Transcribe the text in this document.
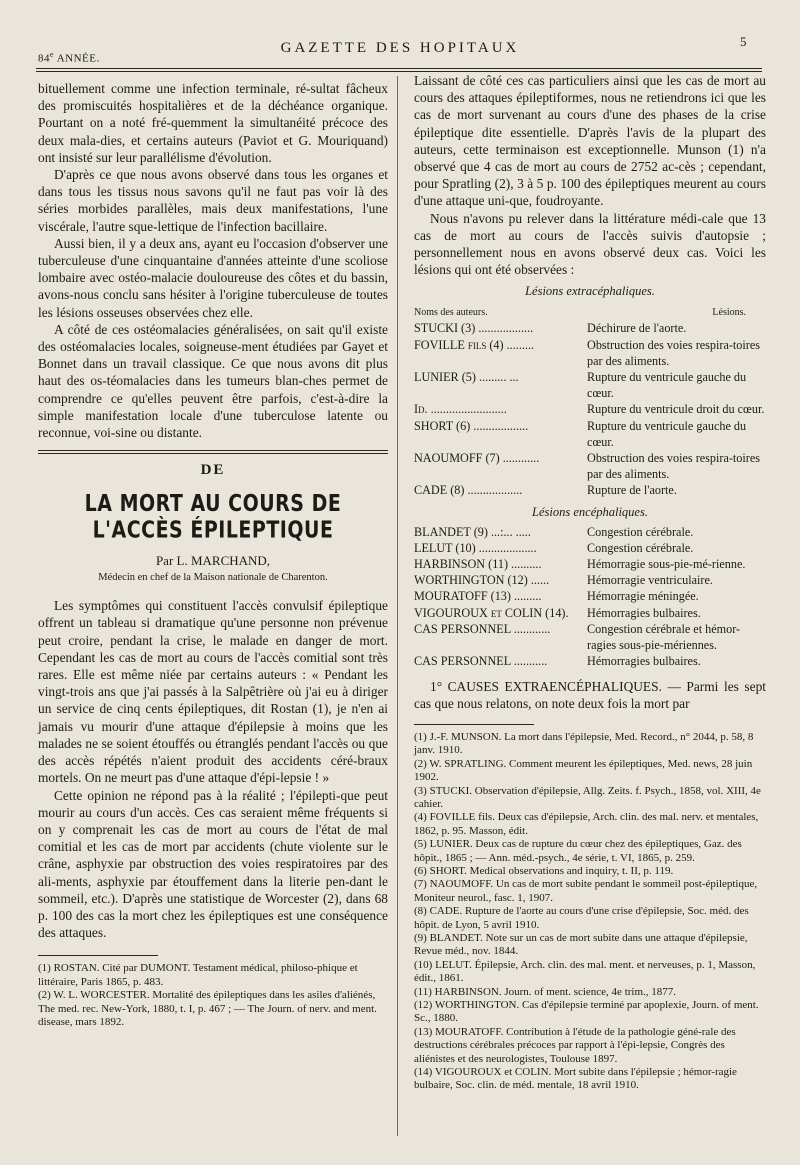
84e ANNÉE.
GAZETTE DES HOPITAUX	5

bituellement comme une infection terminale, ré-sultat fâcheux des promiscuités hospitalières et de la déchéance organique. Pourtant on a noté fré-quemment la simultanéité précoce des deux mala-dies, et certains auteurs (Paviot et G. Mouriquand) ont insisté sur leur parallélisme d'évolution.

D'après ce que nous avons observé dans tous les organes et dans tous les tissus nous savons qu'il ne faut pas voir là des séries morbides parallèles, mais deux manifestations, l'une viscérale, l'autre sque-lettique de l'infection bacillaire.

Aussi bien, il y a deux ans, ayant eu l'occasion d'observer une tuberculeuse d'une cinquantaine d'années atteinte d'une scoliose lombaire avec ostéo-malacie douloureuse des côtes et du bassin, avons-nous conclu sans hésiter à l'origine tuberculeuse de toutes les lésions osseuses observées chez elle.

A côté de ces ostéomalacies généralisées, on sait qu'il existe des ostéomalacies locales, soigneuse-ment étudiées par Gayet et Bonnet dans un travail classique. Ce que nous avons dit plus haut des os-téomalacies dans les tumeurs blan-ches permet de comprendre ce qu'elles peuvent être parfois, c'est-à-dire la simple manifestation locale d'une tuberculose latente ou reconnue, voi-sine ou distante.

DE
LA MORT AU COURS DE L'ACCÈS ÉPILEPTIQUE
Par L. MARCHAND,
Médecin en chef de la Maison nationale de Charenton.

Les symptômes qui constituent l'accès convulsif épileptique offrent un tableau si dramatique qu'une personne non prévenue peut croire, pendant la crise, le malade en danger de mort. Cependant les cas de mort au cours de l'accès comitial sont très rares. Elle est même niée par certains auteurs : « Pendant les vingt-trois ans que j'ai passés à la Salpêtrière où j'ai eu à diriger un service de cinq cents épileptiques, dit Rostan (1), je n'en ai jamais vu mourir d'une attaque d'épilepsie à moins que les malades ne se soient étouffés ou étranglés pendant l'accès ou que des accès répétés n'aient produit des accidents céré-braux mortels. On ne meurt pas d'une attaque d'épi-lepsie ! »

Cette opinion ne répond pas à la réalité ; l'épilepti-que peut mourir au cours d'un accès. Ces cas seraient même fréquents si on y comprenait les cas de mort au cours de l'état de mal comitial et les cas de mort par accidents (chute violente sur le crâne, asphyxie par obstruction des voies respiratoires par des ali-ments, asphyxie par étouffement dans la literie pen-dant le sommeil, etc.). D'après une statistique de Worcester (2), dans 68 p. 100 des cas la mort chez les épileptiques est une conséquence des attaques.

(1) ROSTAN. Cité par DUMONT. Testament médical, philoso-phique et littéraire, Paris 1865, p. 483.

(2) W. L. WORCESTER. Mortalité des épileptiques dans les asiles d'aliénés, The med. rec. New-York, 1880, t. I, p. 467 ; — The Journ. of nerv. and ment. disease, mars 1892.

Laissant de côté ces cas particuliers ainsi que les cas de mort au cours des attaques épileptiformes, nous ne retiendrons ici que les cas de mort survenant au cours d'une des phases de la crise épileptique dite essentielle. D'après l'avis de la plupart des auteurs, cette terminaison est exceptionnelle. Munson (1) n'a observé que 4 cas de mort au cours de 2752 ac-cès ; cependant, pour Spratling (2), 3 à 5 p. 100 des épileptiques meurent au cours d'une attaque uni-que, foudroyante.

Nous n'avons pu relever dans la littérature médi-cale que 13 cas de mort au cours de l'accès suivis d'autopsie ; personnellement nous en avons observé deux cas. Voici les lésions qui ont été observées :

Lésions extracéphaliques.
Noms des auteurs.	Lésions.
STUCKI (3) ..................	Déchirure de l'aorte.
FOVILLE fils (4) .........	Obstruction des voies respira-toires par des aliments.
LUNIER (5) ......... ...	Rupture du ventricule gauche du cœur.
Id. .........................	Rupture du ventricule droit du cœur.
SHORT (6) ..................	Rupture du ventricule gauche du cœur.
NAOUMOFF (7) ............	Obstruction des voies respira-toires par des aliments.
CADE (8) ..................	Rupture de l'aorte.
Lésions encéphaliques.
BLANDET (9) ...:... .....	Congestion cérébrale.
LELUT (10) ...................	Congestion cérébrale.
HARBINSON (11) ..........	Hémorragie sous-pie-mé-rienne.
WORTHINGTON (12) ......	Hémorragie ventriculaire.
MOURATOFF (13) .........	Hémorragie méningée.
VIGOUROUX et COLIN (14).	Hémorragies bulbaires.
CAS PERSONNEL ............	Congestion cérébrale et hémor-ragies sous-pie-mériennes.
CAS PERSONNEL ...........	Hémorragies bulbaires.

1° CAUSES EXTRAENCÉPHALIQUES. — Parmi les sept cas que nous relatons, on note deux fois la mort par

(1) J.-F. MUNSON. La mort dans l'épilepsie, Med. Record., n° 2044, p. 58, 8 janv. 1910.

(2) W. SPRATLING. Comment meurent les épileptiques, Med. news, 28 juin 1902.

(3) STUCKI. Observation d'épilepsie, Allg. Zeits. f. Psych., 1858, vol. XIII, 4e cahier.

(4) FOVILLE fils. Deux cas d'épilepsie, Arch. clin. des mal. nerv. et mentales, 1862, p. 95. Masson, édit.

(5) LUNIER. Deux cas de rupture du cœur chez des épileptiques, Gaz. des hôpit., 1865 ; — Ann. méd.-psych., 4e série, t. VI, 1865, p. 259.

(6) SHORT. Medical observations and inquiry, t. II, p. 119.

(7) NAOUMOFF. Un cas de mort subite pendant le sommeil post-épileptique, Moniteur neurol., fasc. 1, 1907.

(8) CADE. Rupture de l'aorte au cours d'une crise d'épilepsie, Soc. méd. des hôpit. de Lyon, 5 avril 1910.

(9) BLANDET. Note sur un cas de mort subite dans une attaque d'épilepsie, Revue méd., nov. 1844.

(10) LELUT. Épilepsie, Arch. clin. des mal. ment. et nerveuses, p. 1, Masson, édit., 1861.

(11) HARBINSON. Journ. of ment. science, 4e trim., 1877.

(12) WORTHINGTON. Cas d'épilepsie terminé par apoplexie, Journ. of ment. Sc., 1880.

(13) MOURATOFF. Contribution à l'étude de la pathologie géné-rale des destructions cérébrales précoces par rapport à l'épi-lepsie, Congrès des aliénistes et des neurologistes, Toulouse 1897.

(14) VIGOUROUX et COLIN. Mort subite dans l'épilepsie ; hémor-ragie bulbaire, Soc. clin. de méd. mentale, 18 avril 1910.
